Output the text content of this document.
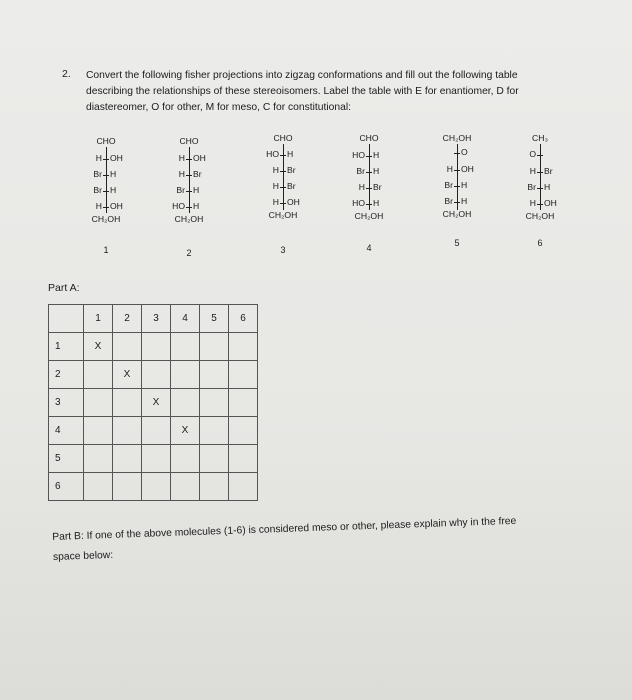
2. Convert the following fisher projections into zigzag conformations and fill out the following table
describing the relationships of these stereoisomers. Label the table with E for enantiomer, D for
diastereomer, O for other, M for meso, C for constitutional:
CHO
H OH
Br H
Br H
H OH
CH₂OH
1
CHO
H OH
H Br
Br H
HO H
CH₂OH
2
CHO
HO H
H Br
H Br
H OH
CH₂OH
3
CHO
HO H
Br H
H Br
HO H
CH₂OH
4
CH₂OH
O
H OH
Br H
Br H
CH₂OH
5
CH₃
O
H Br
Br H
H OH
CH₂OH
6
Part A:
	1	2	3	4	5	6
1	X					
2		X				
3			X			
4				X		
5						
6						
Part B: If one of the above molecules (1-6) is considered meso or other, please explain why in the free
space below:
